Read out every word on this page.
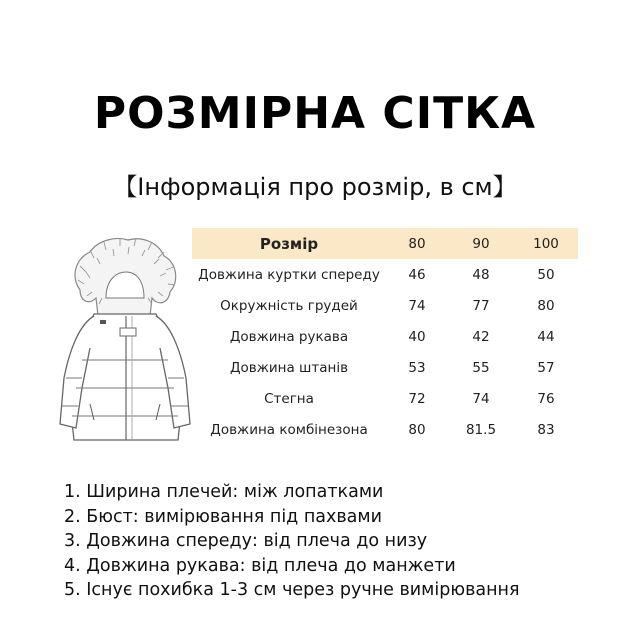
РОЗМІРНА СІТКА
【Інформація про розмір, в см】
Розмір	80	90	100
Довжина куртки спереду	46	48	50
Окружність грудей	74	77	80
Довжина рукава	40	42	44
Довжина штанів	53	55	57
Стегна	72	74	76
Довжина комбінезона	80	81.5	83
1. Ширина плечей: між лопатками
2. Бюст: вимірювання під пахвами
3. Довжина спереду: від плеча до низу
4. Довжина рукава: від плеча до манжети
5. Існує похибка 1-3 см через ручне вимірювання
